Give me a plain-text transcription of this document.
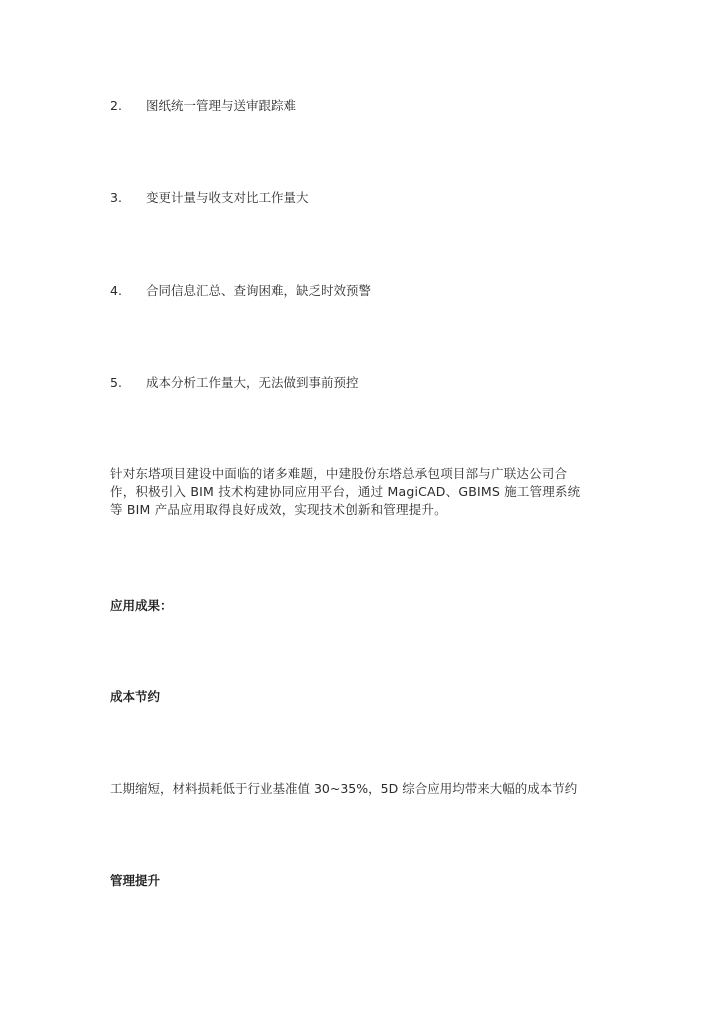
2. 图纸统一管理与送审跟踪难
3. 变更计量与收支对比工作量大
4. 合同信息汇总、查询困难，缺乏时效预警
5. 成本分析工作量大，无法做到事前预控
针对东塔项目建设中面临的诸多难题，中建股份东塔总承包项目部与广联达公司合
作，积极引入 BIM 技术构建协同应用平台，通过 MagiCAD、GBIMS 施工管理系统
等 BIM 产品应用取得良好成效，实现技术创新和管理提升。
应用成果：
成本节约
工期缩短，材料损耗低于行业基准值 30~35%，5D 综合应用均带来大幅的成本节约
管理提升
